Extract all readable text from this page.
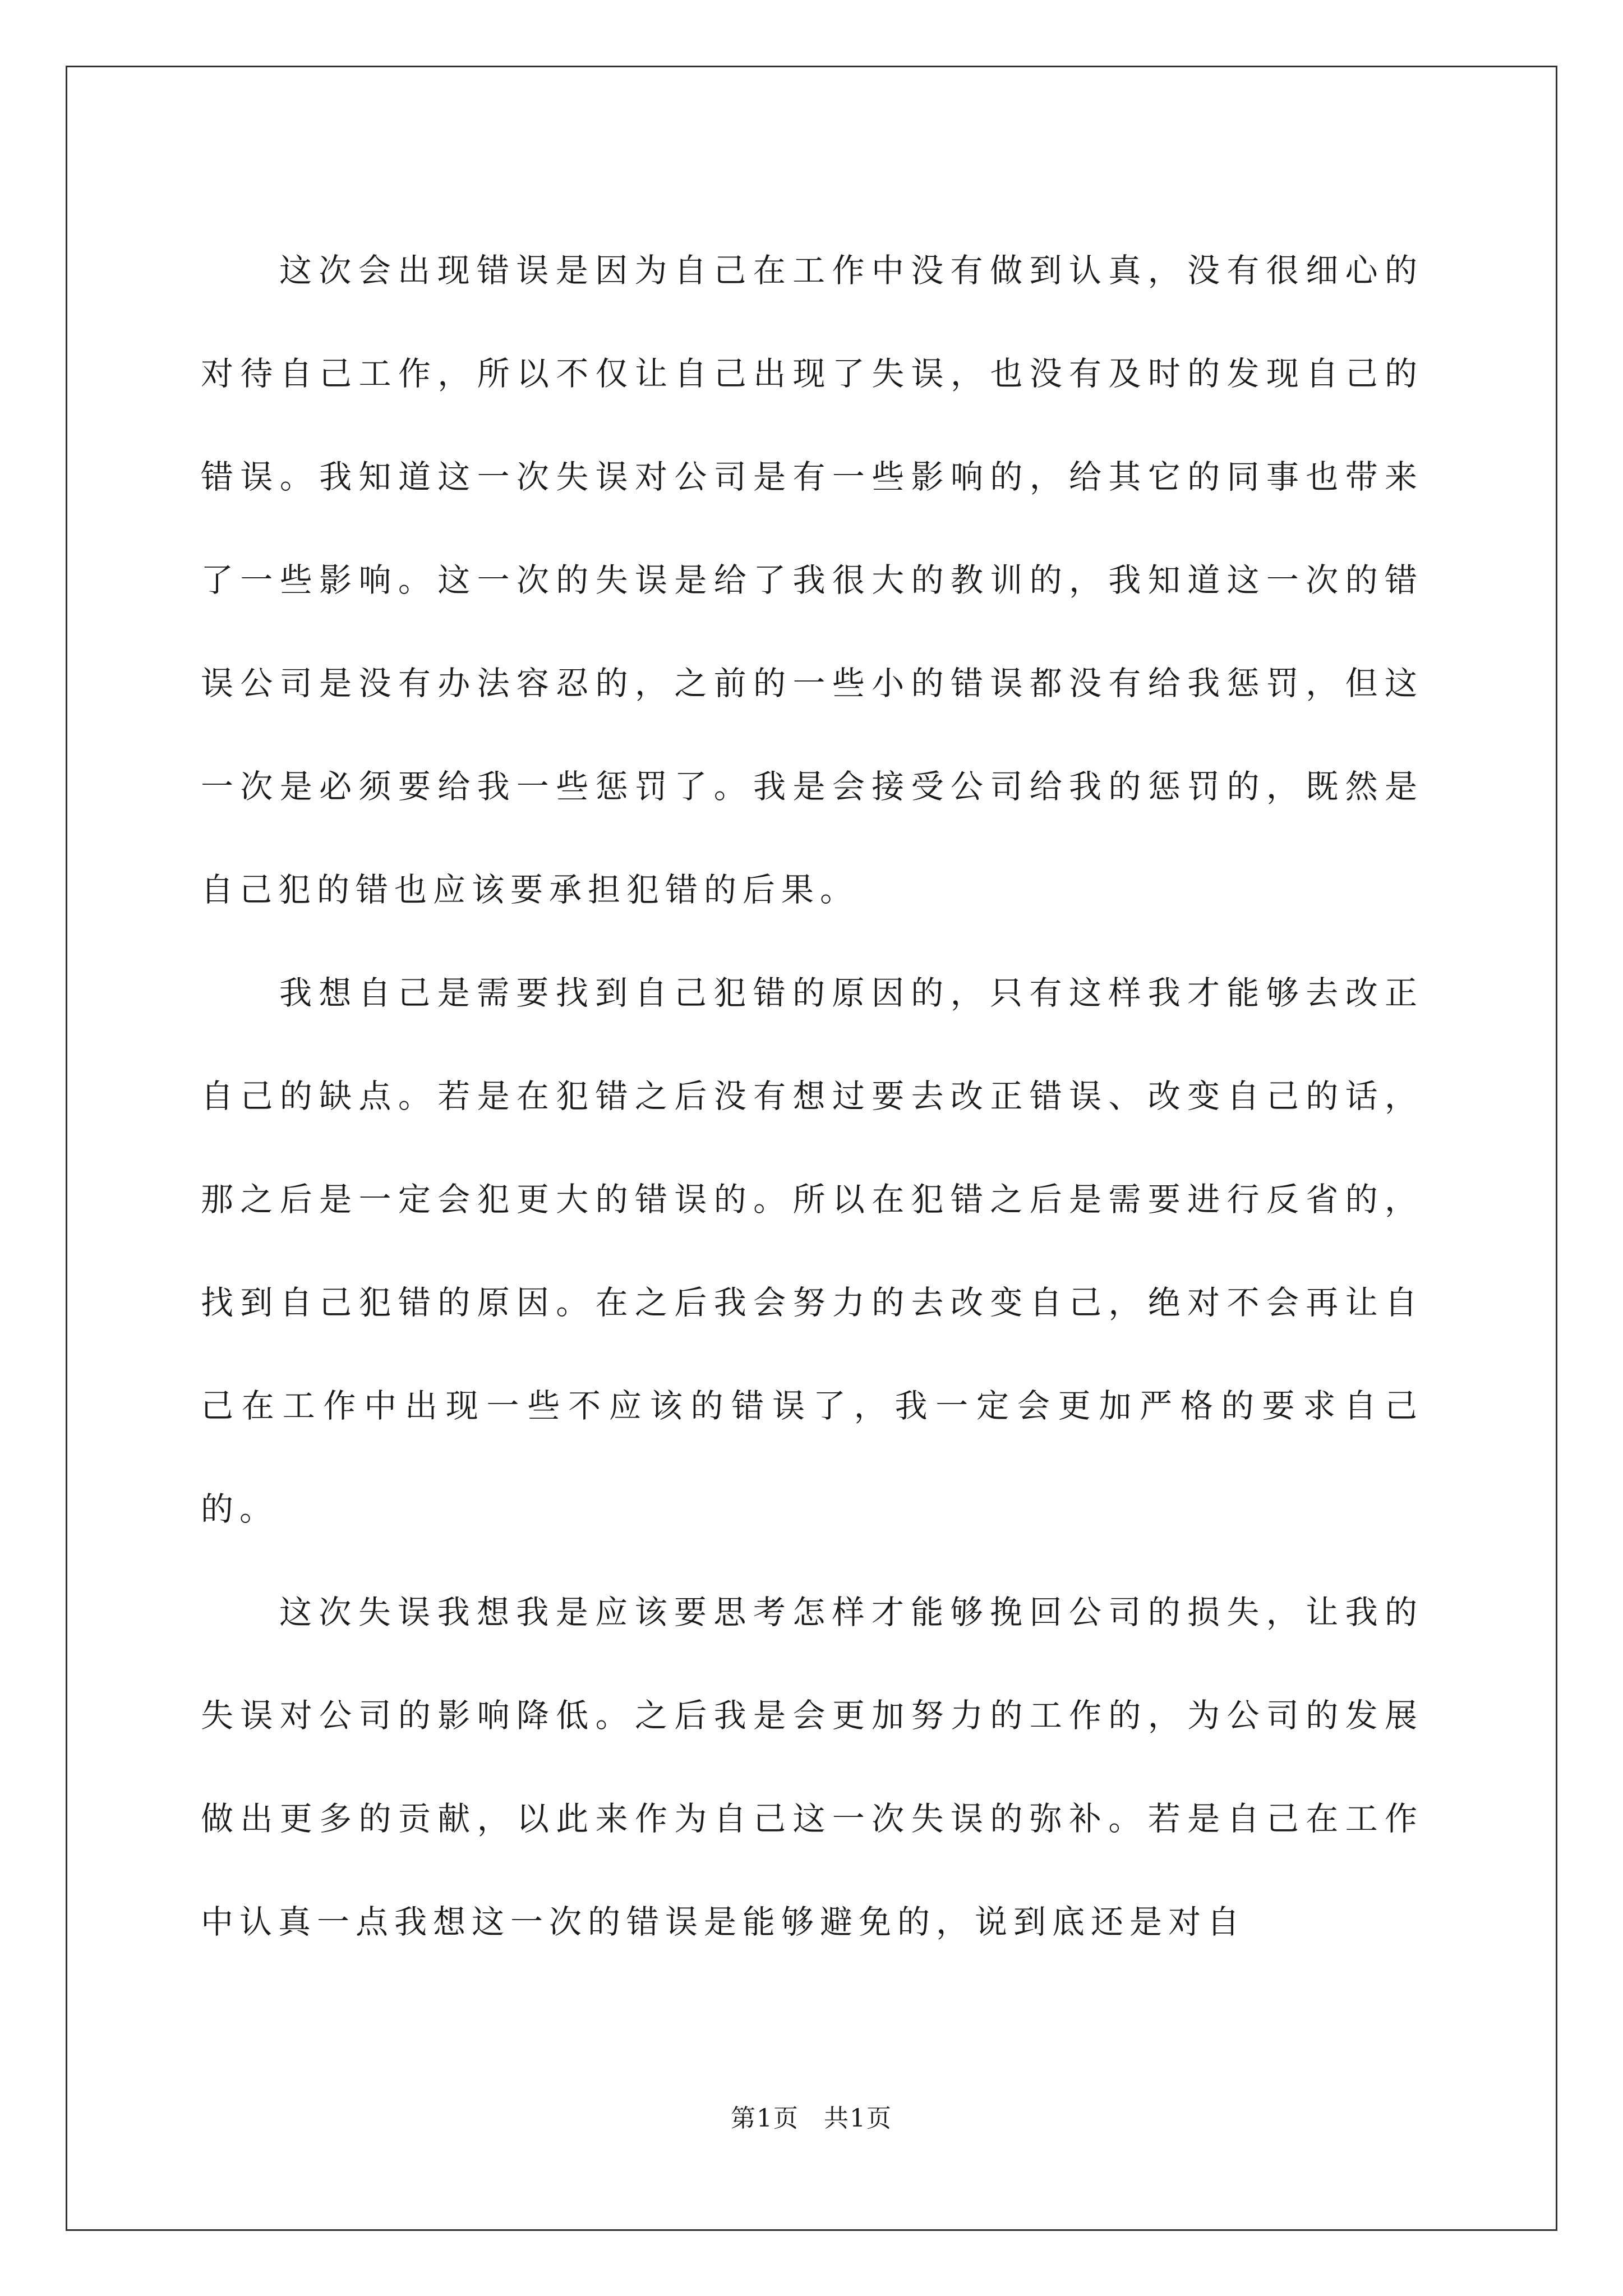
这次会出现错误是因为自己在工作中没有做到认真，没有很细心的对待自己工作，所以不仅让自己出现了失误，也没有及时的发现自己的错误。我知道这一次失误对公司是有一些影响的，给其它的同事也带来了一些影响。这一次的失误是给了我很大的教训的，我知道这一次的错误公司是没有办法容忍的，之前的一些小的错误都没有给我惩罚，但这一次是必须要给我一些惩罚了。我是会接受公司给我的惩罚的，既然是自己犯的错也应该要承担犯错的后果。

我想自己是需要找到自己犯错的原因的，只有这样我才能够去改正自己的缺点。若是在犯错之后没有想过要去改正错误、改变自己的话，那之后是一定会犯更大的错误的。所以在犯错之后是需要进行反省的，找到自己犯错的原因。在之后我会努力的去改变自己，绝对不会再让自己在工作中出现一些不应该的错误了，我一定会更加严格的要求自己的。

这次失误我想我是应该要思考怎样才能够挽回公司的损失，让我的失误对公司的影响降低。之后我是会更加努力的工作的，为公司的发展做出更多的贡献，以此来作为自己这一次失误的弥补。若是自己在工作中认真一点我想这一次的错误是能够避免的，说到底还是对自

第1页 共1页
